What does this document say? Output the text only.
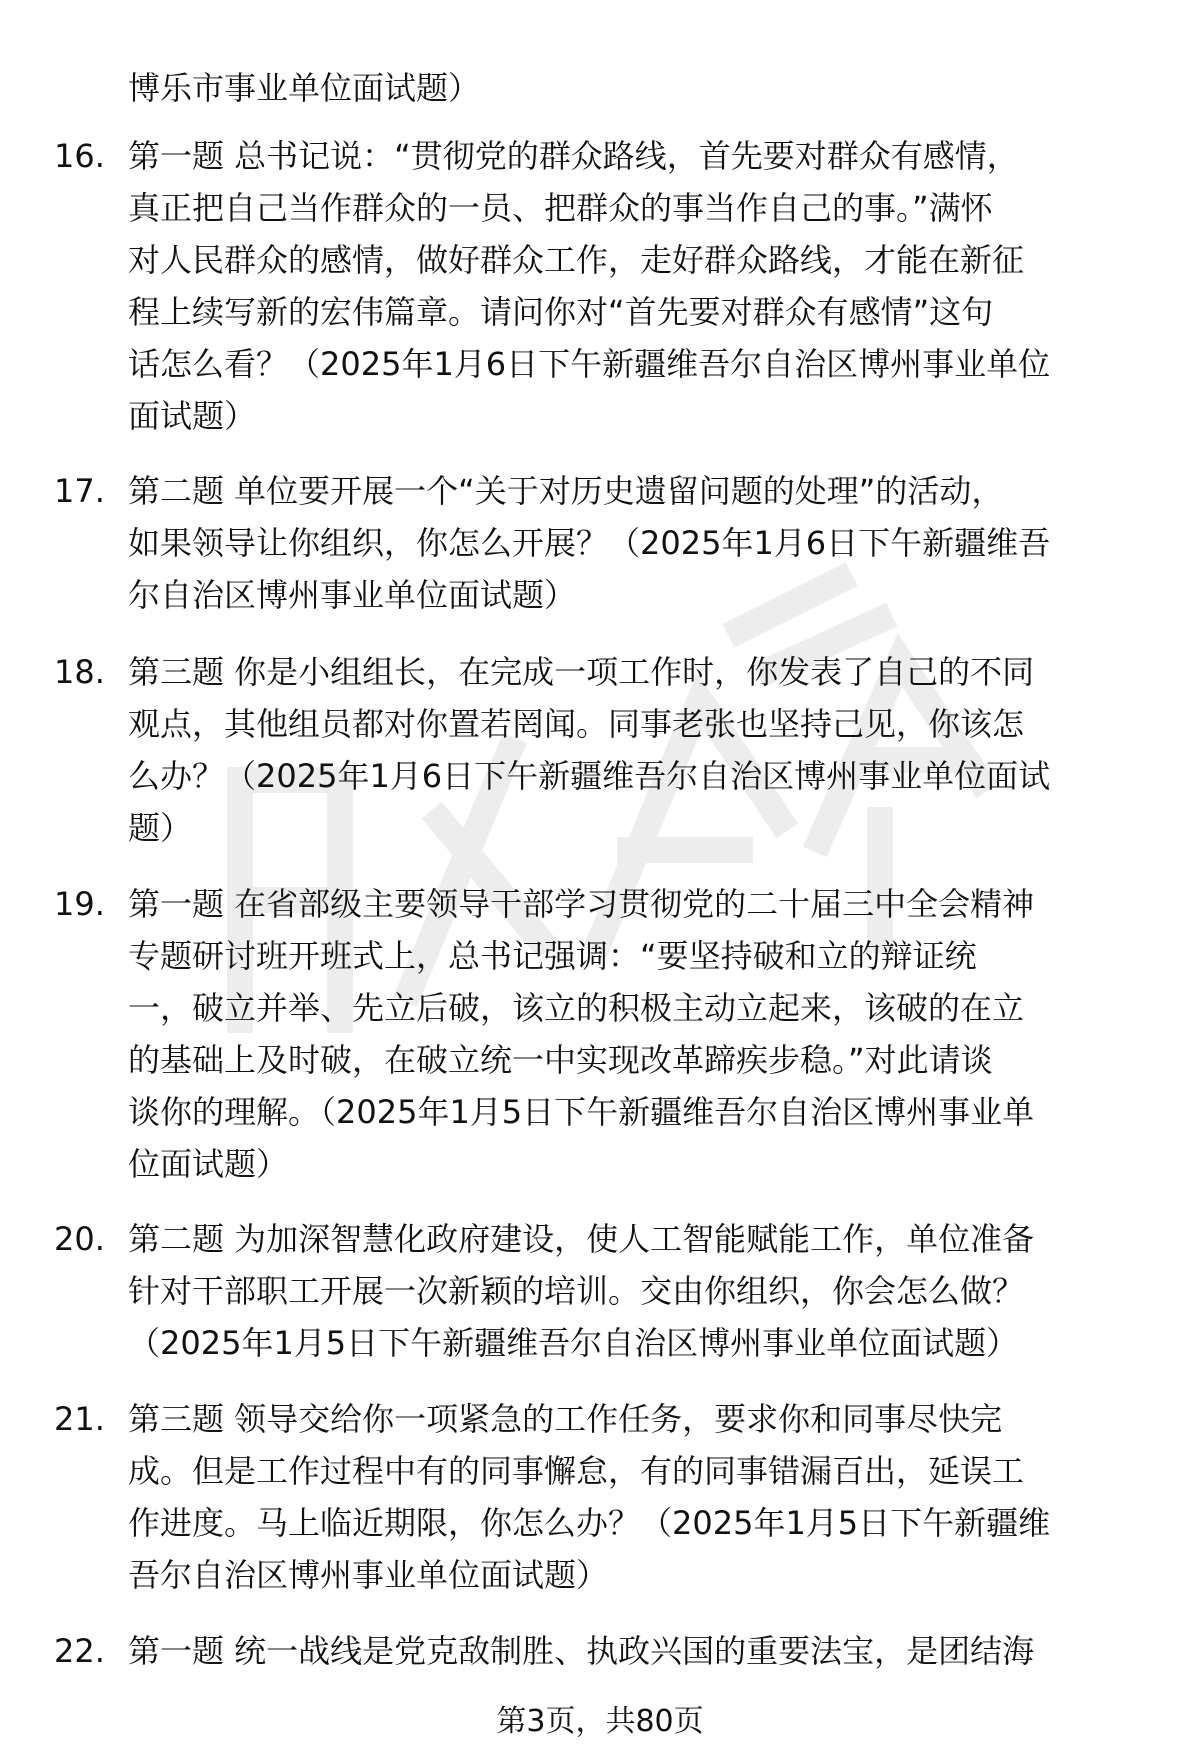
博乐市事业单位面试题）
16. 第一题 总书记说：“贯彻党的群众路线，首先要对群众有感情，
真正把自己当作群众的一员、把群众的事当作自己的事。”满怀
对人民群众的感情，做好群众工作，走好群众路线，才能在新征
程上续写新的宏伟篇章。请问你对“首先要对群众有感情”这句
话怎么看？（2025年1月6日下午新疆维吾尔自治区博州事业单位
面试题）
17. 第二题 单位要开展一个“关于对历史遗留问题的处理”的活动，
如果领导让你组织，你怎么开展？（2025年1月6日下午新疆维吾
尔自治区博州事业单位面试题）
18. 第三题 你是小组组长，在完成一项工作时，你发表了自己的不同
观点，其他组员都对你置若罔闻。同事老张也坚持己见，你该怎
么办？（2025年1月6日下午新疆维吾尔自治区博州事业单位面试
题）
19. 第一题 在省部级主要领导干部学习贯彻党的二十届三中全会精神
专题研讨班开班式上，总书记强调：“要坚持破和立的辩证统
一，破立并举、先立后破，该立的积极主动立起来，该破的在立
的基础上及时破，在破立统一中实现改革蹄疾步稳。”对此请谈
谈你的理解。（2025年1月5日下午新疆维吾尔自治区博州事业单
位面试题）
20. 第二题 为加深智慧化政府建设，使人工智能赋能工作，单位准备
针对干部职工开展一次新颖的培训。交由你组织，你会怎么做？
（2025年1月5日下午新疆维吾尔自治区博州事业单位面试题）
21. 第三题 领导交给你一项紧急的工作任务，要求你和同事尽快完
成。但是工作过程中有的同事懈怠，有的同事错漏百出，延误工
作进度。马上临近期限，你怎么办？（2025年1月5日下午新疆维
吾尔自治区博州事业单位面试题）
22. 第一题 统一战线是党克敌制胜、执政兴国的重要法宝，是团结海
第3页，共80页
